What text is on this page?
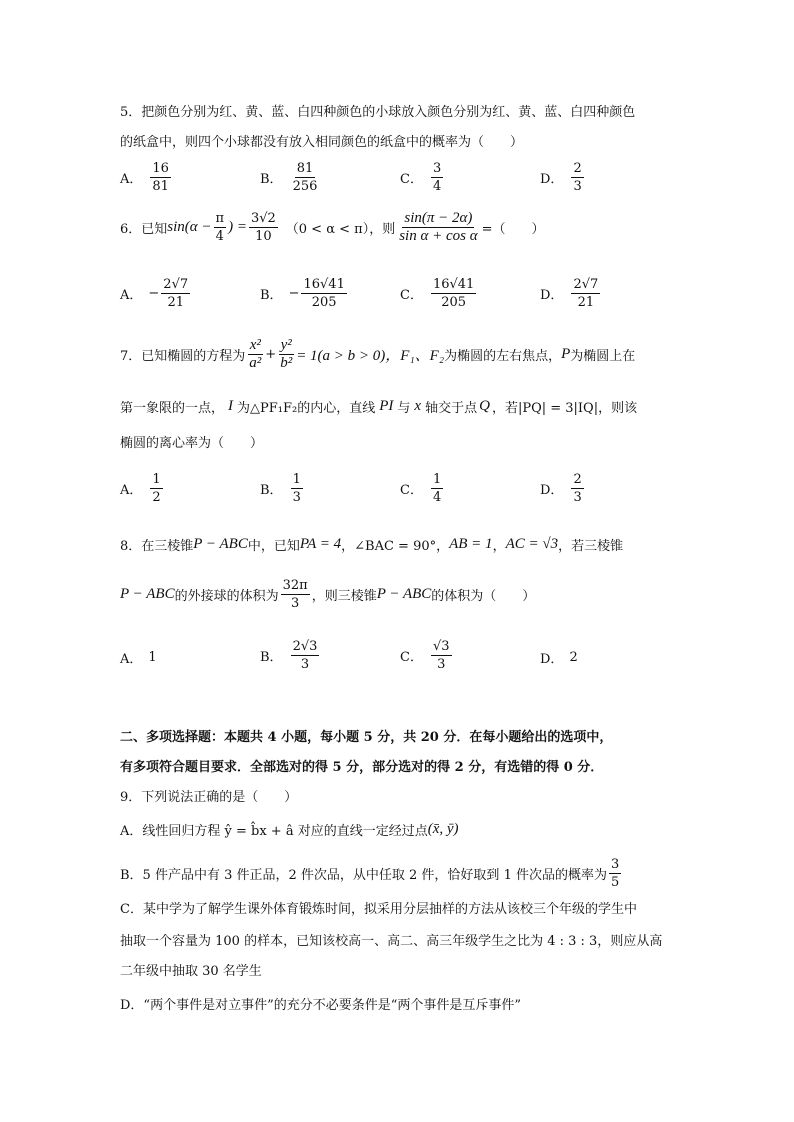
5．把颜色分别为红、黄、蓝、白四种颜色的小球放入颜色分别为红、黄、蓝、白四种颜色
的纸盒中，则四个小球都没有放入相同颜色的纸盒中的概率为（　　）
A． $\frac{16}{81}$	B． $\frac{81}{256}$	C． $\frac{3}{4}$	D． $\frac{2}{3}$
6．已知 $\sin(\alpha - \frac{\pi}{4}$ ) = $\frac{3√2}{10} (0 < \alpha < \pi)$，则 $\frac{\sin(\pi - 2\alpha)}{\text{sin α + cos α}}$ =（　　）
A． − $\frac{2√7}{21}$	B． − $\frac{16√41}{205}$	C． $\frac{16√41}{205}$	D． $\frac{2√7}{21}$
7．已知椭圆的方程为 $\frac{\text{x²}}{\text{a²}} + \frac{\text{y²}}{\text{b²}} = 1(a > b > 0)$， F₁、F₂ 为椭圆的左右焦点， P 为椭圆上在
第一象限的一点， I 为△PF₁F₂的内心，直线 PI 与 x 轴交于点 Q ，若|PQ| = 3|IQ|，则该
椭圆的离心率为（　　）
A． $\frac{1}{2}$	B． $\frac{1}{3}$	C． $\frac{1}{4}$	D． $\frac{2}{3}$
8．在三棱锥 P − ABC 中，已知 PA = 4 ，∠BAC = 90°， AB = 1 ， AC = √3 ，若三棱锥
P − ABC 的外接球的体积为 $\frac{32\pi}{3}$ ，则三棱锥 P − ABC 的体积为（　　）
A． 1	B． $\frac{2√3}{3}$	C． $\frac{√3}{3}$	D． 2
二、多项选择题：本题共 4 小题，每小题 5 分，共 20 分．在每小题给出的选项中，
有多项符合题目要求．全部选对的得 5 分，部分选对的得 2 分，有选错的得 0 分．
9．下列说法正确的是（　　）
A．线性回归方程 ŷ = b̂x + â 对应的直线一定经过点 (x̄, ȳ)
B．5 件产品中有 3 件正品，2 件次品，从中任取 2 件，恰好取到 1 件次品的概率为 $\frac{3}{5}$
C．某中学为了解学生课外体育锻炼时间，拟采用分层抽样的方法从该校三个年级的学生中
抽取一个容量为 100 的样本，已知该校高一、高二、高三年级学生之比为 4 : 3 : 3，则应从高
二年级中抽取 30 名学生
D．“两个事件是对立事件”的充分不必要条件是“两个事件是互斥事件”
